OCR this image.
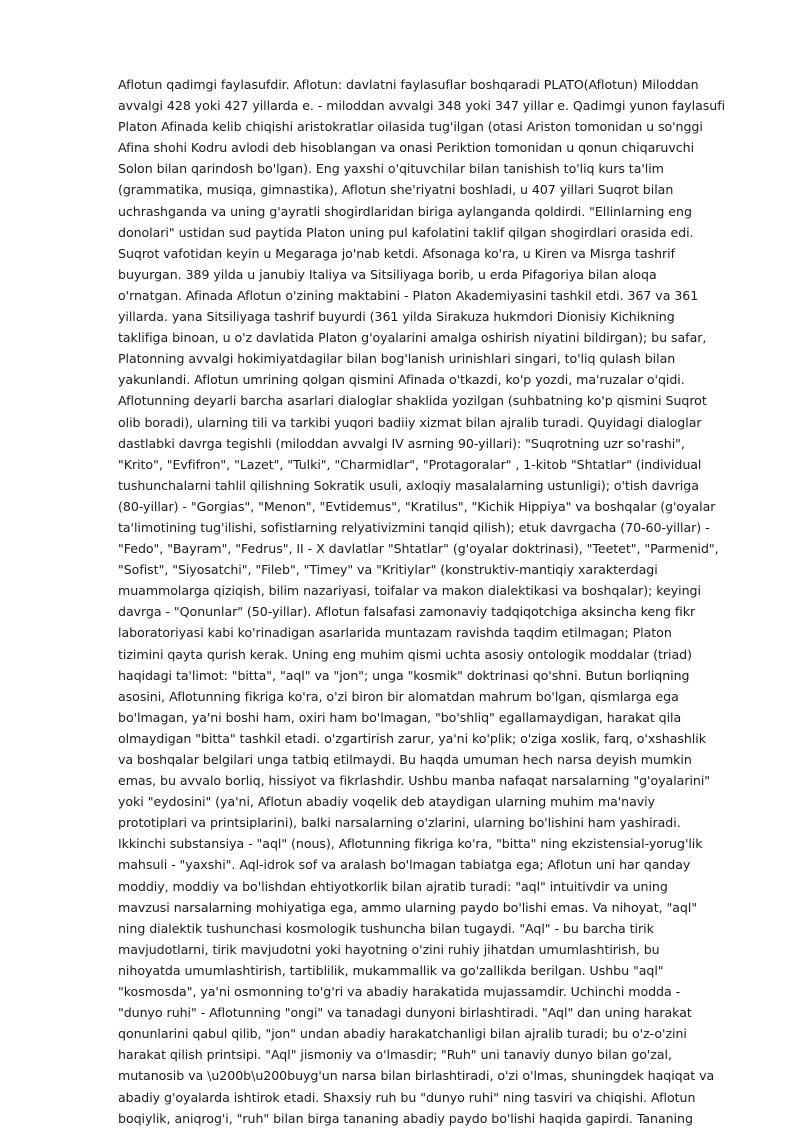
Aflotun qadimgi faylasufdir. Aflotun: davlatni faylasuflar boshqaradi PLATO(Aflotun) Miloddan
avvalgi 428 yoki 427 yillarda e. - miloddan avvalgi 348 yoki 347 yillar e. Qadimgi yunon faylasufi
Platon Afinada kelib chiqishi aristokratlar oilasida tug'ilgan (otasi Ariston tomonidan u so'nggi
Afina shohi Kodru avlodi deb hisoblangan va onasi Periktion tomonidan u qonun chiqaruvchi
Solon bilan qarindosh bo'lgan). Eng yaxshi o'qituvchilar bilan tanishish to'liq kurs ta'lim
(grammatika, musiqa, gimnastika), Aflotun she'riyatni boshladi, u 407 yillari Suqrot bilan
uchrashganda va uning g'ayratli shogirdlaridan biriga aylanganda qoldirdi. "Ellinlarning eng
donolari" ustidan sud paytida Platon uning pul kafolatini taklif qilgan shogirdlari orasida edi.
Suqrot vafotidan keyin u Megaraga jo'nab ketdi. Afsonaga ko'ra, u Kiren va Misrga tashrif
buyurgan. 389 yilda u janubiy Italiya va Sitsiliyaga borib, u erda Pifagoriya bilan aloqa
o'rnatgan. Afinada Aflotun o'zining maktabini - Platon Akademiyasini tashkil etdi. 367 va 361
yillarda. yana Sitsiliyaga tashrif buyurdi (361 yilda Sirakuza hukmdori Dionisiy Kichikning
taklifiga binoan, u o'z davlatida Platon g'oyalarini amalga oshirish niyatini bildirgan); bu safar,
Platonning avvalgi hokimiyatdagilar bilan bog'lanish urinishlari singari, to'liq qulash bilan
yakunlandi. Aflotun umrining qolgan qismini Afinada o'tkazdi, ko'p yozdi, ma'ruzalar o'qidi.
Aflotunning deyarli barcha asarlari dialoglar shaklida yozilgan (suhbatning ko'p qismini Suqrot
olib boradi), ularning tili va tarkibi yuqori badiiy xizmat bilan ajralib turadi. Quyidagi dialoglar
dastlabki davrga tegishli (miloddan avvalgi IV asrning 90-yillari): "Suqrotning uzr so'rashi",
"Krito", "Evfifron", "Lazet", "Tulki", "Charmidlar", "Protagoralar" , 1-kitob "Shtatlar" (individual
tushunchalarni tahlil qilishning Sokratik usuli, axloqiy masalalarning ustunligi); o'tish davriga
(80-yillar) - "Gorgias", "Menon", "Evtidemus", "Kratilus", "Kichik Hippiya" va boshqalar (g'oyalar
ta'limotining tug'ilishi, sofistlarning relyativizmini tanqid qilish); etuk davrgacha (70-60-yillar) -
"Fedo", "Bayram", "Fedrus", II - X davlatlar "Shtatlar" (g'oyalar doktrinasi), "Teetet", "Parmenid",
"Sofist", "Siyosatchi", "Fileb", "Timey" va "Kritiylar" (konstruktiv-mantiqiy xarakterdagi
muammolarga qiziqish, bilim nazariyasi, toifalar va makon dialektikasi va boshqalar); keyingi
davrga - "Qonunlar" (50-yillar). Aflotun falsafasi zamonaviy tadqiqotchiga aksincha keng fikr
laboratoriyasi kabi ko'rinadigan asarlarida muntazam ravishda taqdim etilmagan; Platon
tizimini qayta qurish kerak. Uning eng muhim qismi uchta asosiy ontologik moddalar (triad)
haqidagi ta'limot: "bitta", "aql" va "jon"; unga "kosmik" doktrinasi qo'shni. Butun borliqning
asosini, Aflotunning fikriga ko'ra, o'zi biron bir alomatdan mahrum bo'lgan, qismlarga ega
bo'lmagan, ya'ni boshi ham, oxiri ham bo'lmagan, "bo'shliq" egallamaydigan, harakat qila
olmaydigan "bitta" tashkil etadi. o'zgartirish zarur, ya'ni ko'plik; o'ziga xoslik, farq, o'xshashlik
va boshqalar belgilari unga tatbiq etilmaydi. Bu haqda umuman hech narsa deyish mumkin
emas, bu avvalo borliq, hissiyot va fikrlashdir. Ushbu manba nafaqat narsalarning "g'oyalarini"
yoki "eydosini" (ya'ni, Aflotun abadiy voqelik deb ataydigan ularning muhim ma'naviy
prototiplari va printsiplarini), balki narsalarning o'zlarini, ularning bo'lishini ham yashiradi.
Ikkinchi substansiya - "aql" (nous), Aflotunning fikriga ko'ra, "bitta" ning ekzistensial-yorug'lik
mahsuli - "yaxshi". Aql-idrok sof va aralash bo'lmagan tabiatga ega; Aflotun uni har qanday
moddiy, moddiy va bo'lishdan ehtiyotkorlik bilan ajratib turadi: "aql" intuitivdir va uning
mavzusi narsalarning mohiyatiga ega, ammo ularning paydo bo'lishi emas. Va nihoyat, "aql"
ning dialektik tushunchasi kosmologik tushuncha bilan tugaydi. "Aql" - bu barcha tirik
mavjudotlarni, tirik mavjudotni yoki hayotning o'zini ruhiy jihatdan umumlashtirish, bu
nihoyatda umumlashtirish, tartiblilik, mukammallik va go'zallikda berilgan. Ushbu "aql"
"kosmosda", ya'ni osmonning to'g'ri va abadiy harakatida mujassamdir. Uchinchi modda -
"dunyo ruhi" - Aflotunning "ongi" va tanadagi dunyoni birlashtiradi. "Aql" dan uning harakat
qonunlarini qabul qilib, "jon" undan abadiy harakatchanligi bilan ajralib turadi; bu o'z-o'zini
harakat qilish printsipi. "Aql" jismoniy va o'lmasdir; "Ruh" uni tanaviy dunyo bilan go'zal,
mutanosib va \u200b\u200buyg'un narsa bilan birlashtiradi, o'zi o'lmas, shuningdek haqiqat va
abadiy g'oyalarda ishtirok etadi. Shaxsiy ruh bu "dunyo ruhi" ning tasviri va chiqishi. Aflotun
boqiylik, aniqrog'i, "ruh" bilan birga tananing abadiy paydo bo'lishi haqida gapirdi. Tananing
